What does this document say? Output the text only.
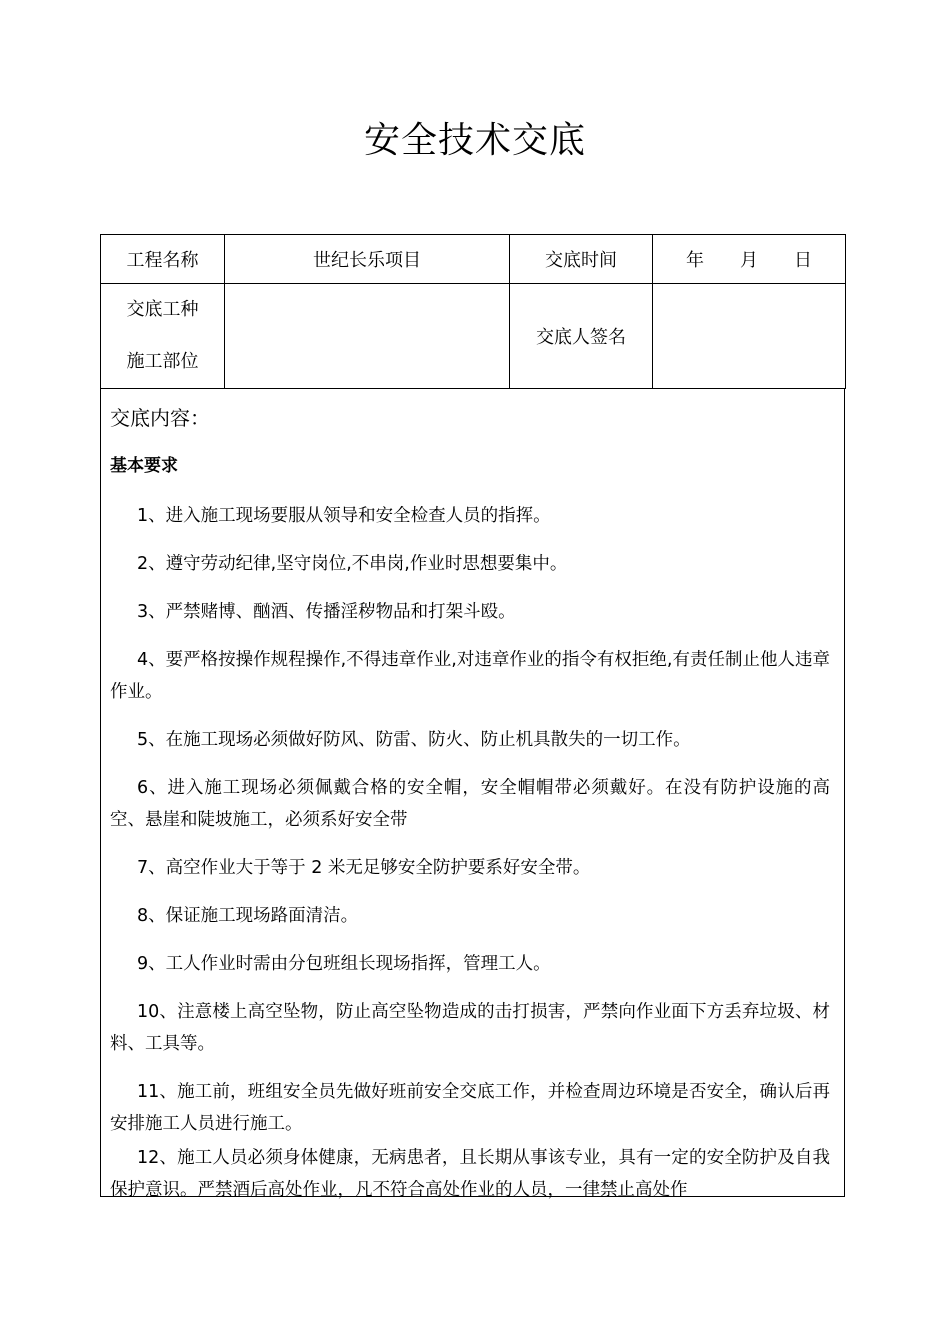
安全技术交底
工程名称	世纪长乐项目	交底时间	年 月 日

交底工种
施工部位		交底人签名	
交底内容：
基本要求

1、进入施工现场要服从领导和安全检查人员的指挥。

2、遵守劳动纪律,坚守岗位,不串岗,作业时思想要集中。

3、严禁赌博、酗酒、传播淫秽物品和打架斗殴。

4、要严格按操作规程操作,不得违章作业,对违章作业的指令有权拒绝,有责任制止他人违章作业。

5、在施工现场必须做好防风、防雷、防火、防止机具散失的一切工作。

6、进入施工现场必须佩戴合格的安全帽，安全帽帽带必须戴好。在没有防护设施的高空、悬崖和陡坡施工，必须系好安全带

7、高空作业大于等于 2 米无足够安全防护要系好安全带。

8、保证施工现场路面清洁。

9、工人作业时需由分包班组长现场指挥，管理工人。

10、注意楼上高空坠物，防止高空坠物造成的击打损害，严禁向作业面下方丢弃垃圾、材料、工具等。

11、施工前，班组安全员先做好班前安全交底工作，并检查周边环境是否安全，确认后再安排施工人员进行施工。

12、施工人员必须身体健康，无病患者，且长期从事该专业，具有一定的安全防护及自我保护意识。严禁酒后高处作业，凡不符合高处作业的人员，一律禁止高处作
